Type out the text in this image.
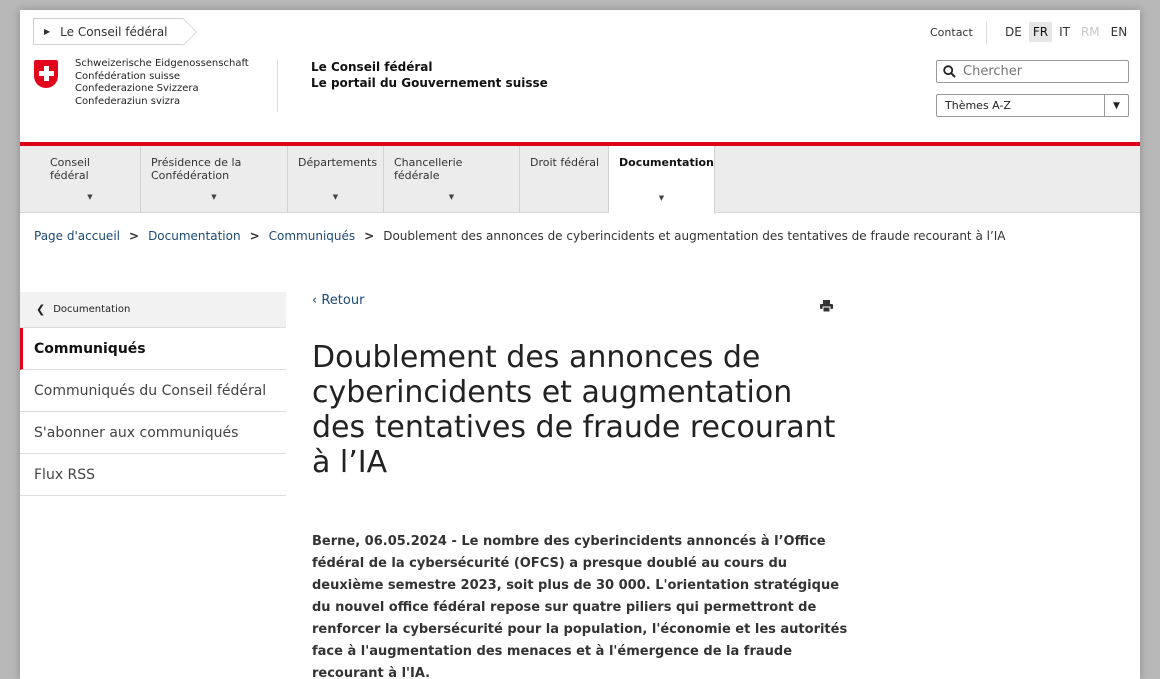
▶ Le Conseil fédéral
Schweizerische Eidgenossenschaft
Confédération suisse
Confederazione Svizzera
Confederaziun svizra
Le Conseil fédéral
Le portail du Gouvernement suisse
Contact	DE FR IT RM EN
Chercher
Thèmes A-Z	▼
Conseil fédéral
▼
Présidence de la Confédération
▼
Départements
▼
Chancellerie fédérale
▼
Droit fédéral	Documentation
▼
Page d'accueil > Documentation > Communiqués > Doublement des annonces de cyberincidents et augmentation des tentatives de fraude recourant à l’IA
❮ Documentation
Communiqués
Communiqués du Conseil fédéral
S'abonner aux communiqués
Flux RSS
‹ Retour
Doublement des annonces de cyberincidents et augmentation des tentatives de fraude recourant à l’IA

Berne, 06.05.2024 - Le nombre des cyberincidents annoncés à l’Office fédéral de la cybersécurité (OFCS) a presque doublé au cours du deuxième semestre 2023, soit plus de 30 000. L'orientation stratégique du nouvel office fédéral repose sur quatre piliers qui permettront de renforcer la cybersécurité pour la population, l'économie et les autorités face à l'augmentation des menaces et à l'émergence de la fraude recourant à l'IA.
